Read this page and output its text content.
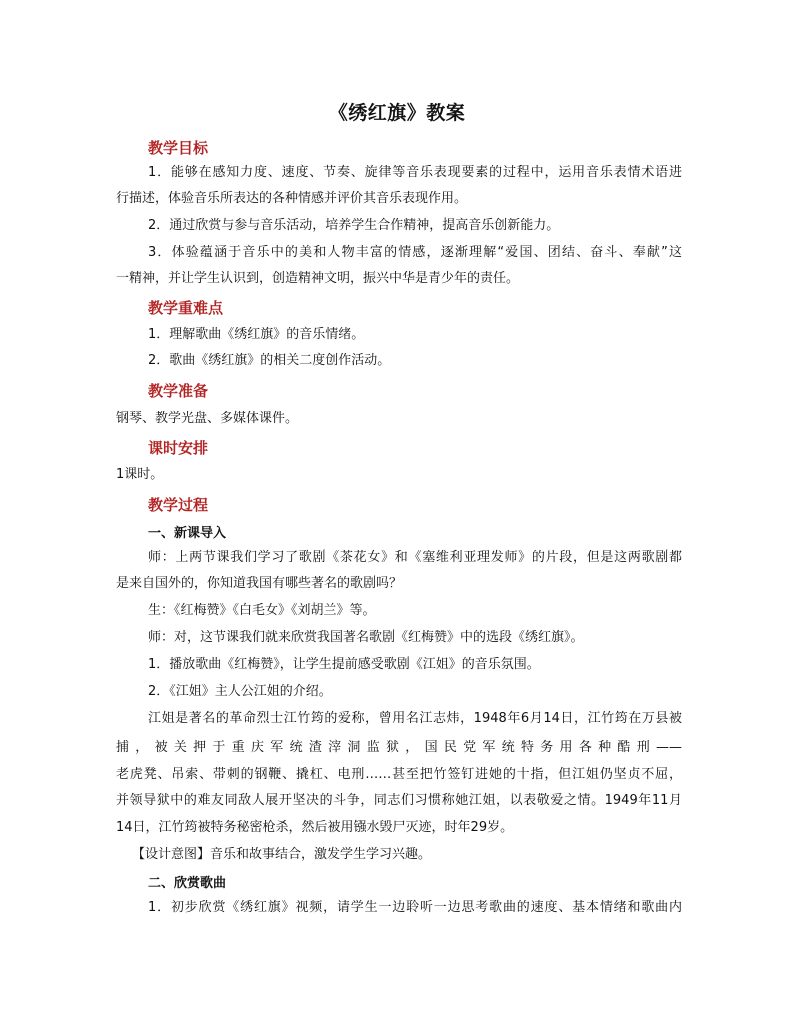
《绣红旗》教案
教学目标
1．能够在感知力度、速度、节奏、旋律等音乐表现要素的过程中，运用音乐表情术语进
行描述，体验音乐所表达的各种情感并评价其音乐表现作用。
2．通过欣赏与参与音乐活动，培养学生合作精神，提高音乐创新能力。
3．体验蕴涵于音乐中的美和人物丰富的情感，逐渐理解“爱国、团结、奋斗、奉献”这
一精神，并让学生认识到，创造精神文明，振兴中华是青少年的责任。
教学重难点
1．理解歌曲《绣红旗》的音乐情绪。
2．歌曲《绣红旗》的相关二度创作活动。
教学准备
钢琴、教学光盘、多媒体课件。
课时安排
1课时。
教学过程
一、新课导入
师：上两节课我们学习了歌剧《茶花女》和《塞维利亚理发师》的片段，但是这两歌剧都
是来自国外的，你知道我国有哪些著名的歌剧吗？
生：《红梅赞》《白毛女》《刘胡兰》等。
师：对，这节课我们就来欣赏我国著名歌剧《红梅赞》中的选段《绣红旗》。
1．播放歌曲《红梅赞》，让学生提前感受歌剧《江姐》的音乐氛围。
2．《江姐》主人公江姐的介绍。
江姐是著名的革命烈士江竹筠的爱称，曾用名江志炜，1948年6月14日，江竹筠在万县被
捕，被关押于重庆军统渣滓洞监狱，国民党军统特务用各种酷刑——
老虎凳、吊索、带刺的钢鞭、撬杠、电刑……甚至把竹签钉进她的十指，但江姐仍坚贞不屈，
并领导狱中的难友同敌人展开坚决的斗争，同志们习惯称她江姐，以表敬爱之情。1949年11月
14日，江竹筠被特务秘密枪杀，然后被用镪水毁尸灭迹，时年29岁。
【设计意图】音乐和故事结合，激发学生学习兴趣。
二、欣赏歌曲
1．初步欣赏《绣红旗》视频，请学生一边聆听一边思考歌曲的速度、基本情绪和歌曲内
